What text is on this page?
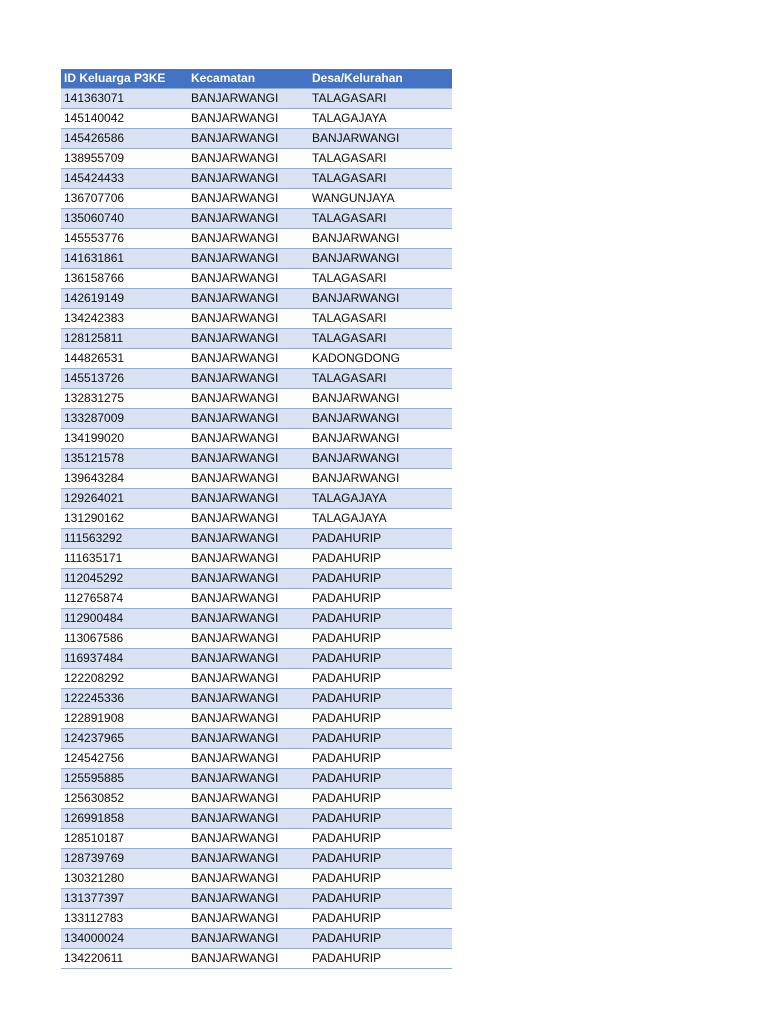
ID Keluarga P3KE	Kecamatan	Desa/Kelurahan
141363071	BANJARWANGI	TALAGASARI
145140042	BANJARWANGI	TALAGAJAYA
145426586	BANJARWANGI	BANJARWANGI
138955709	BANJARWANGI	TALAGASARI
145424433	BANJARWANGI	TALAGASARI
136707706	BANJARWANGI	WANGUNJAYA
135060740	BANJARWANGI	TALAGASARI
145553776	BANJARWANGI	BANJARWANGI
141631861	BANJARWANGI	BANJARWANGI
136158766	BANJARWANGI	TALAGASARI
142619149	BANJARWANGI	BANJARWANGI
134242383	BANJARWANGI	TALAGASARI
128125811	BANJARWANGI	TALAGASARI
144826531	BANJARWANGI	KADONGDONG
145513726	BANJARWANGI	TALAGASARI
132831275	BANJARWANGI	BANJARWANGI
133287009	BANJARWANGI	BANJARWANGI
134199020	BANJARWANGI	BANJARWANGI
135121578	BANJARWANGI	BANJARWANGI
139643284	BANJARWANGI	BANJARWANGI
129264021	BANJARWANGI	TALAGAJAYA
131290162	BANJARWANGI	TALAGAJAYA
111563292	BANJARWANGI	PADAHURIP
111635171	BANJARWANGI	PADAHURIP
112045292	BANJARWANGI	PADAHURIP
112765874	BANJARWANGI	PADAHURIP
112900484	BANJARWANGI	PADAHURIP
113067586	BANJARWANGI	PADAHURIP
116937484	BANJARWANGI	PADAHURIP
122208292	BANJARWANGI	PADAHURIP
122245336	BANJARWANGI	PADAHURIP
122891908	BANJARWANGI	PADAHURIP
124237965	BANJARWANGI	PADAHURIP
124542756	BANJARWANGI	PADAHURIP
125595885	BANJARWANGI	PADAHURIP
125630852	BANJARWANGI	PADAHURIP
126991858	BANJARWANGI	PADAHURIP
128510187	BANJARWANGI	PADAHURIP
128739769	BANJARWANGI	PADAHURIP
130321280	BANJARWANGI	PADAHURIP
131377397	BANJARWANGI	PADAHURIP
133112783	BANJARWANGI	PADAHURIP
134000024	BANJARWANGI	PADAHURIP
134220611	BANJARWANGI	PADAHURIP
